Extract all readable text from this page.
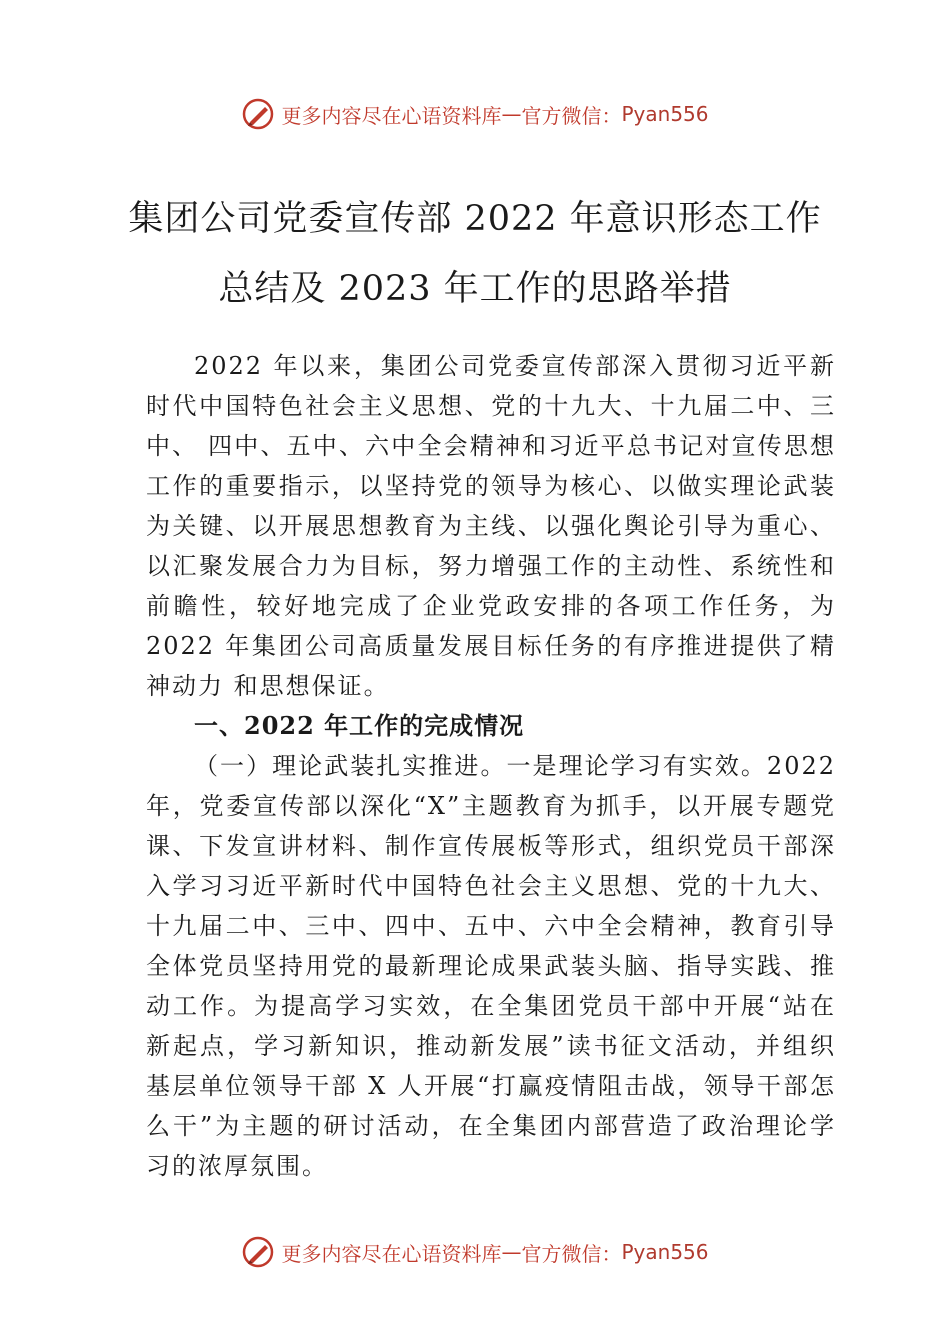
更多内容尽在心语资料库 — 官方微信： Pyan556
集团公司党委宣传部 2022 年意识形态工作
总结及 2023 年工作的思路举措

2022 年以来，集团公司党委宣传部深入贯彻习近平新时代中国特色社会主义思想、党的十九大、十九届二中、三中、 四中、五中、六中全会精神和习近平总书记对宣传思想工作的重要指示，以坚持党的领导为核心、以做实理论武装为关键、以开展思想教育为主线、以强化舆论引导为重心、以汇聚发展合力为目标，努力增强工作的主动性、系统性和前瞻性，较好地完成了企业党政安排的各项工作任务，为 2022 年集团公司高质量发展目标任务的有序推进提供了精神动力 和思想保证。

一、2022 年工作的完成情况

（一）理论武装扎实推进。一是理论学习有实效。2022 年，党委宣传部以深化“X”主题教育为抓手，以开展专题党课、下发宣讲材料、制作宣传展板等形式，组织党员干部深入学习习近平新时代中国特色社会主义思想、党的十九大、十九届二中、三中、四中、五中、六中全会精神，教育引导全体党员坚持用党的最新理论成果武装头脑、指导实践、推动工作。为提高学习实效，在全集团党员干部中开展“站在新起点，学习新知识，推动新发展”读书征文活动，并组织基层单位领导干部 X 人开展“打赢疫情阻击战，领导干部怎么干”为主题的研讨活动，在全集团内部营造了政治理论学习的浓厚氛围。

更多内容尽在心语资料库 — 官方微信： Pyan556
